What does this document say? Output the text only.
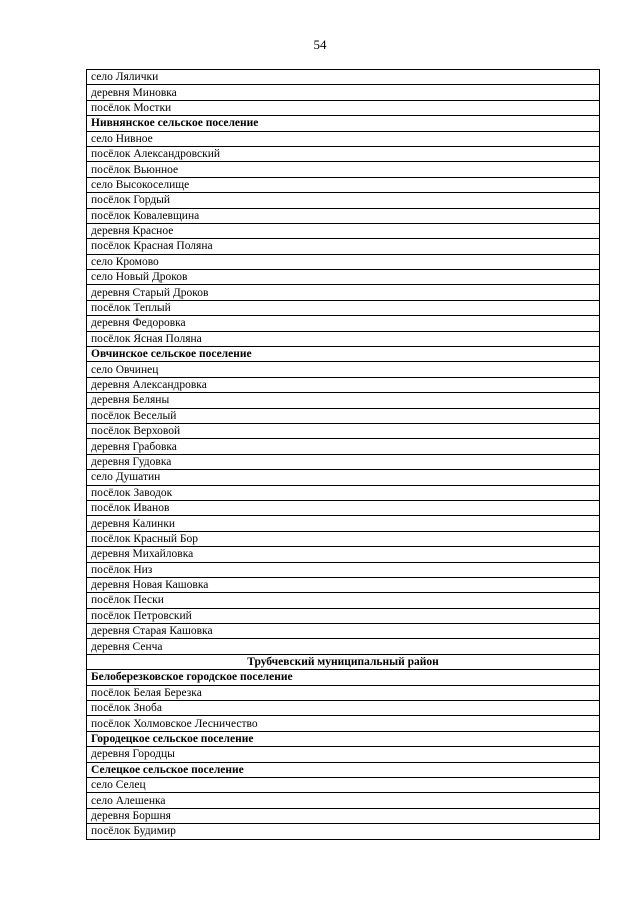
54
село Лялички
деревня Миновка
посёлок Мостки
Нивнянское сельское поселение
село Нивное
посёлок Александровский
посёлок Вьюнное
село Высокоселище
посёлок Гордый
посёлок Ковалевщина
деревня Красное
посёлок Красная Поляна
село Кромово
село Новый Дроков
деревня Старый Дроков
посёлок Теплый
деревня Федоровка
посёлок Ясная Поляна
Овчинское сельское поселение
село Овчинец
деревня Александровка
деревня Беляны
посёлок Веселый
посёлок Верховой
деревня Грабовка
деревня Гудовка
село Душатин
посёлок Заводок
посёлок Иванов
деревня Калинки
посёлок Красный Бор
деревня Михайловка
посёлок Низ
деревня Новая Кашовка
посёлок Пески
посёлок Петровский
деревня Старая Кашовка
деревня Сенча
Трубчевский муниципальный район
Белоберезковское городское поселение
посёлок Белая Березка
посёлок Зноба
посёлок Холмовское Лесничество
Городецкое сельское поселение
деревня Городцы
Селецкое сельское поселение
село Селец
село Алешенка
деревня Боршня
посёлок Будимир
